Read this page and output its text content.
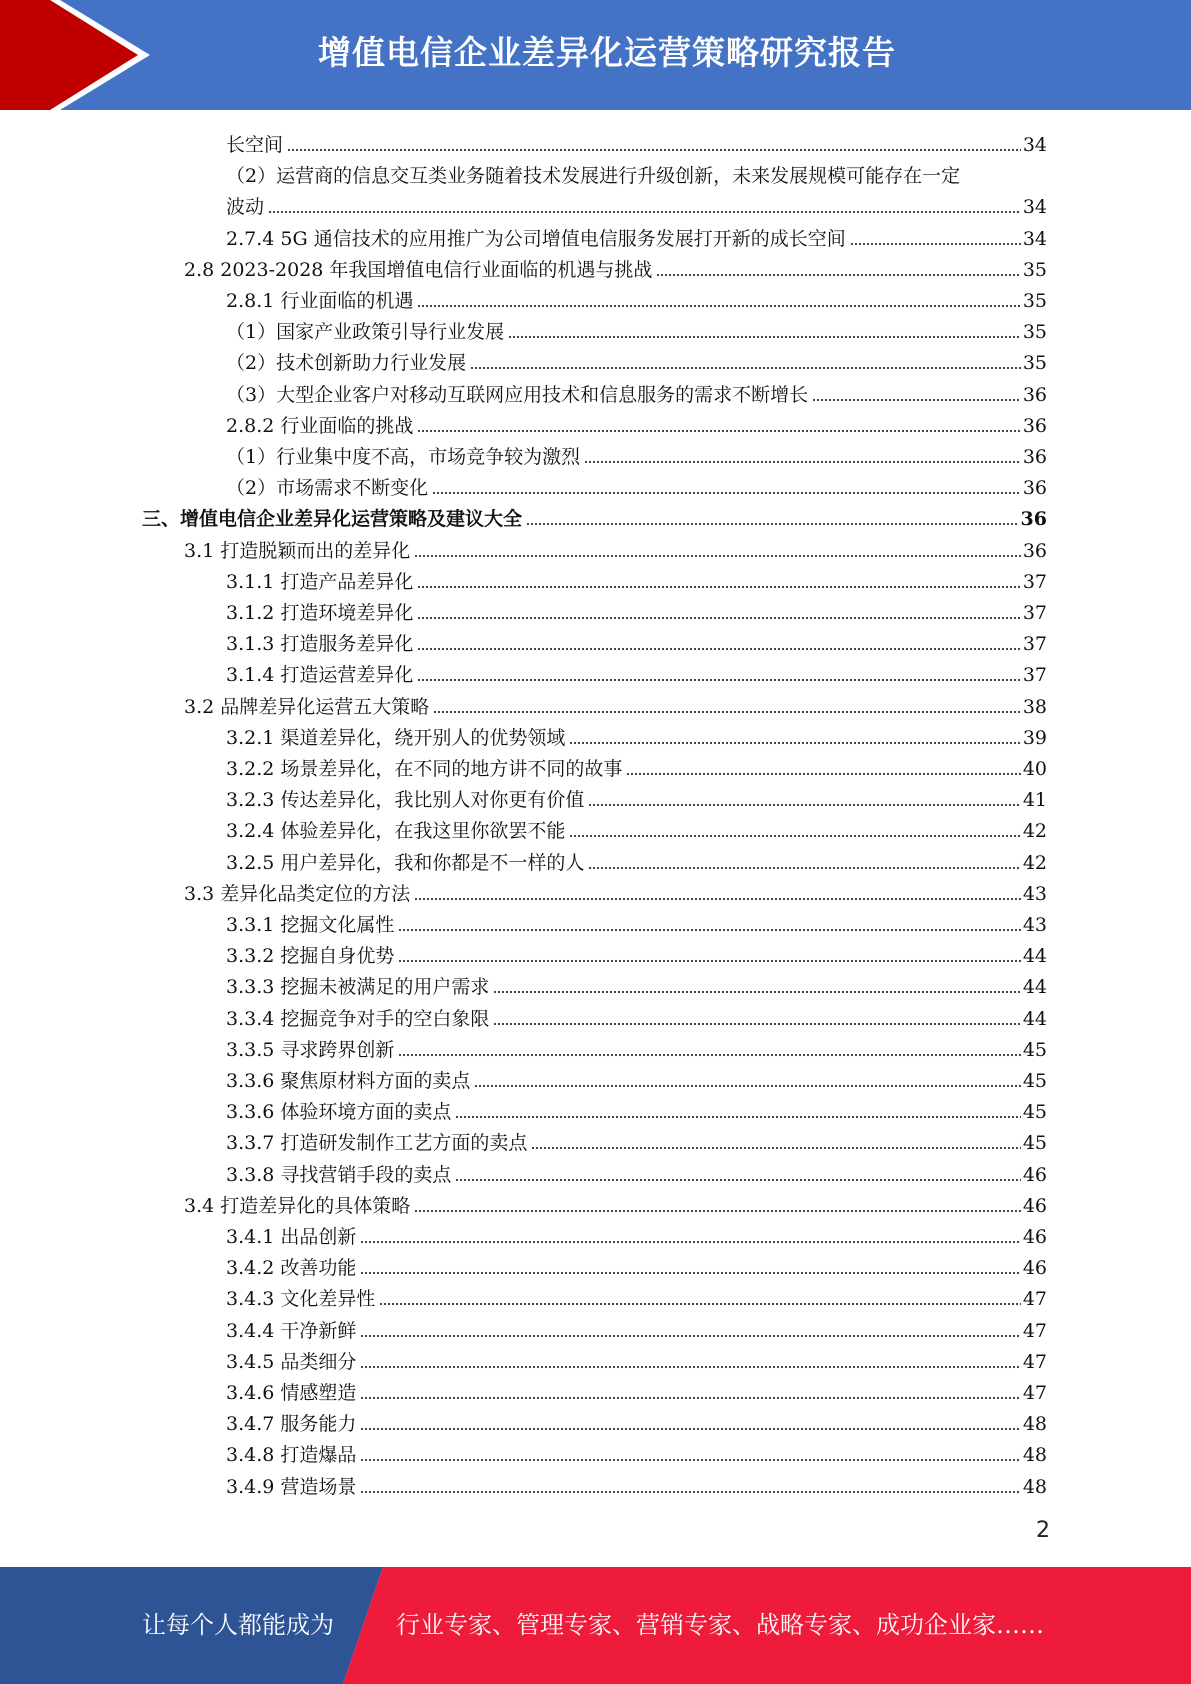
增值电信企业差异化运营策略研究报告
长空间	34
（2）运营商的信息交互类业务随着技术发展进行升级创新，未来发展规模可能存在一定
波动	34
2.7.4 5G 通信技术的应用推广为公司增值电信服务发展打开新的成长空间	34
2.8 2023-2028 年我国增值电信行业面临的机遇与挑战	35
2.8.1 行业面临的机遇	35
（1）国家产业政策引导行业发展	35
（2）技术创新助力行业发展	35
（3）大型企业客户对移动互联网应用技术和信息服务的需求不断增长	36
2.8.2 行业面临的挑战	36
（1）行业集中度不高，市场竞争较为激烈	36
（2）市场需求不断变化	36
三、增值电信企业差异化运营策略及建议大全	36
3.1 打造脱颖而出的差异化	36
3.1.1 打造产品差异化	37
3.1.2 打造环境差异化	37
3.1.3 打造服务差异化	37
3.1.4 打造运营差异化	37
3.2 品牌差异化运营五大策略	38
3.2.1 渠道差异化，绕开别人的优势领域	39
3.2.2 场景差异化，在不同的地方讲不同的故事	40
3.2.3 传达差异化，我比别人对你更有价值	41
3.2.4 体验差异化，在我这里你欲罢不能	42
3.2.5 用户差异化，我和你都是不一样的人	42
3.3 差异化品类定位的方法	43
3.3.1 挖掘文化属性	43
3.3.2 挖掘自身优势	44
3.3.3 挖掘未被满足的用户需求	44
3.3.4 挖掘竞争对手的空白象限	44
3.3.5 寻求跨界创新	45
3.3.6 聚焦原材料方面的卖点	45
3.3.6 体验环境方面的卖点	45
3.3.7 打造研发制作工艺方面的卖点	45
3.3.8 寻找营销手段的卖点	46
3.4 打造差异化的具体策略	46
3.4.1 出品创新	46
3.4.2 改善功能	46
3.4.3 文化差异性	47
3.4.4 干净新鲜	47
3.4.5 品类细分	47
3.4.6 情感塑造	47
3.4.7 服务能力	48
3.4.8 打造爆品	48
3.4.9 营造场景	48
2
让每个人都能成为	行业专家、管理专家、营销专家、战略专家、成功企业家……
